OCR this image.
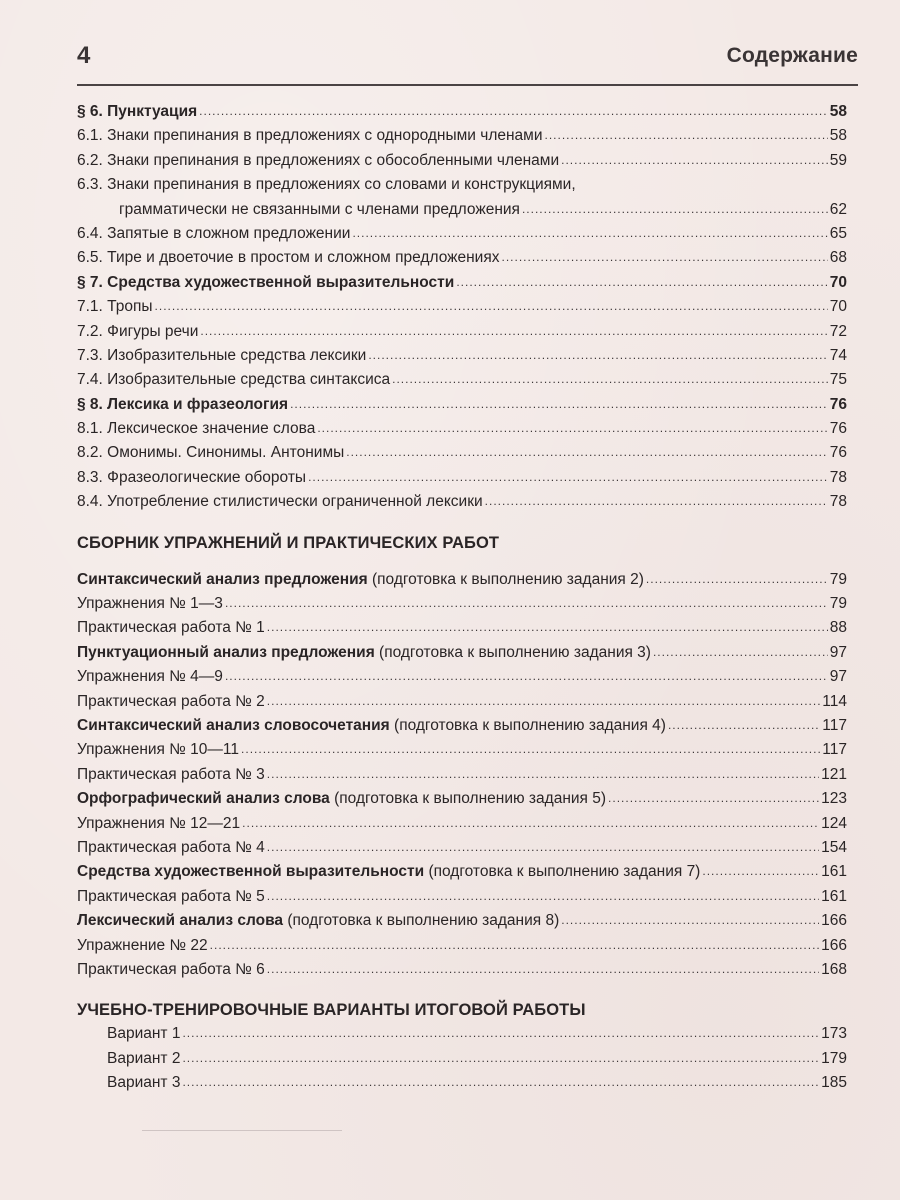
4	Содержание
§ 6. Пунктуация .....	58
6.1. Знаки препинания в предложениях с однородными членами .....	58
6.2. Знаки препинания в предложениях с обособленными членами .....	59
6.3. Знаки препинания в предложениях со словами и конструкциями,
грамматически не связанными с членами предложения .....	62
6.4. Запятые в сложном предложении .....	65
6.5. Тире и двоеточие в простом и сложном предложениях .....	68
§ 7. Средства художественной выразительности .....	70
7.1. Тропы .....	70
7.2. Фигуры речи .....	72
7.3. Изобразительные средства лексики .....	74
7.4. Изобразительные средства синтаксиса .....	75
§ 8. Лексика и фразеология .....	76
8.1. Лексическое значение слова .....	76
8.2. Омонимы. Синонимы. Антонимы .....	76
8.3. Фразеологические обороты .....	78
8.4. Употребление стилистически ограниченной лексики .....	78
СБОРНИК УПРАЖНЕНИЙ И ПРАКТИЧЕСКИХ РАБОТ
Синтаксический анализ предложения (подготовка к выполнению задания 2) .....	79
Упражнения № 1—3 .....	79
Практическая работа № 1 .....	88
Пунктуационный анализ предложения (подготовка к выполнению задания 3) .....	97
Упражнения № 4—9 .....	97
Практическая работа № 2 .....	114
Синтаксический анализ словосочетания (подготовка к выполнению задания 4) .....	117
Упражнения № 10—11 .....	117
Практическая работа № 3 .....	121
Орфографический анализ слова (подготовка к выполнению задания 5) .....	123
Упражнения № 12—21 .....	124
Практическая работа № 4 .....	154
Средства художественной выразительности (подготовка к выполнению задания 7) .....	161
Практическая работа № 5 .....	161
Лексический анализ слова (подготовка к выполнению задания 8) .....	166
Упражнение № 22 .....	166
Практическая работа № 6 .....	168
УЧЕБНО-ТРЕНИРОВОЧНЫЕ ВАРИАНТЫ ИТОГОВОЙ РАБОТЫ
Вариант 1 .....	173
Вариант 2 .....	179
Вариант 3 .....	185
